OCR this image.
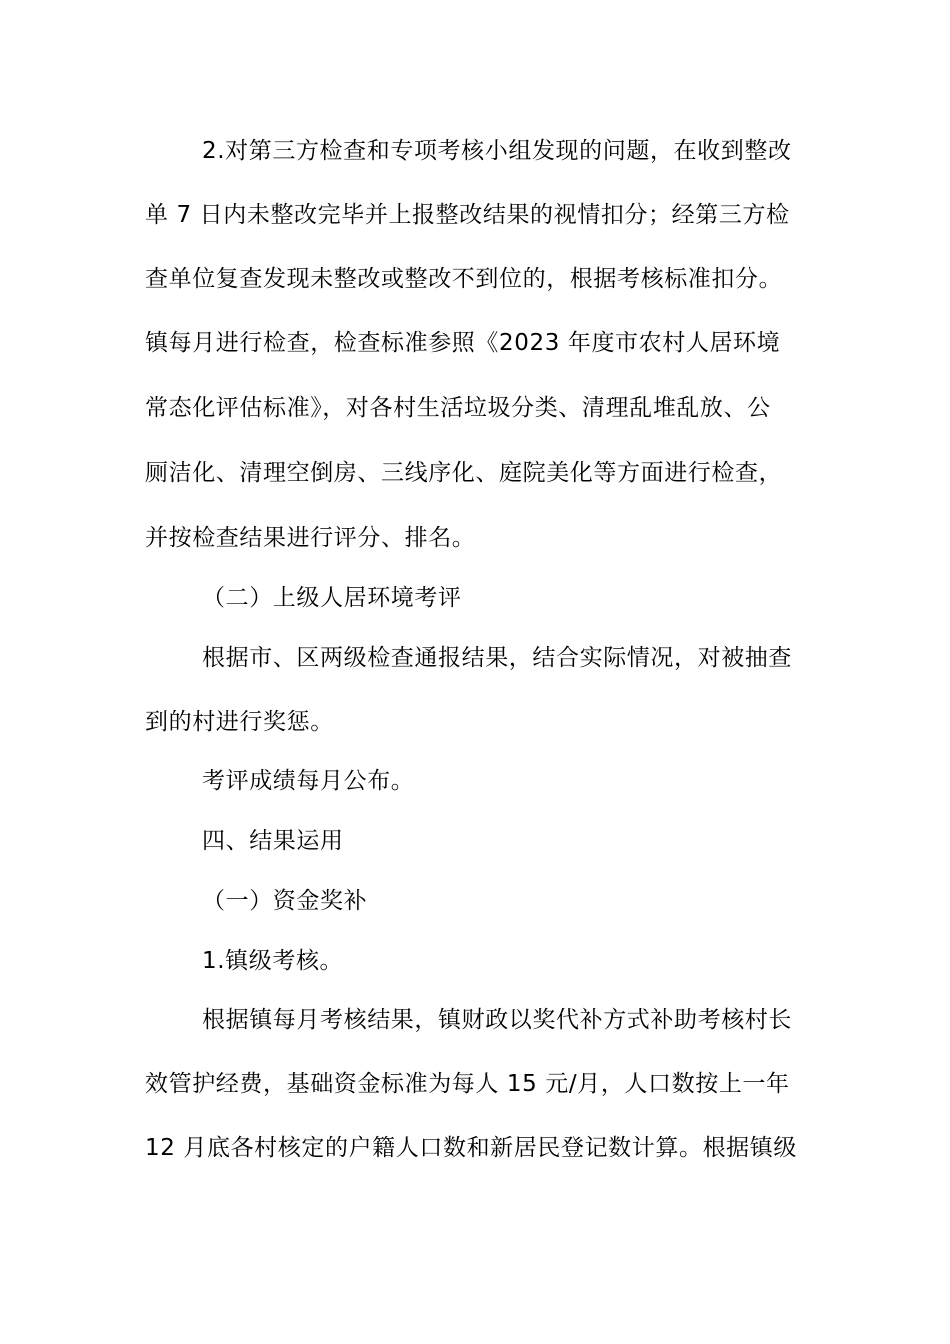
2.对第三方检查和专项考核小组发现的问题，在收到整改
单 7 日内未整改完毕并上报整改结果的视情扣分；经第三方检
查单位复查发现未整改或整改不到位的，根据考核标准扣分。
镇每月进行检查，检查标准参照《2023 年度市农村人居环境
常态化评估标准》，对各村生活垃圾分类、清理乱堆乱放、公
厕洁化、清理空倒房、三线序化、庭院美化等方面进行检查，
并按检查结果进行评分、排名。
（二）上级人居环境考评
根据市、区两级检查通报结果，结合实际情况，对被抽查
到的村进行奖惩。
考评成绩每月公布。
四、结果运用
（一）资金奖补
1.镇级考核。
根据镇每月考核结果，镇财政以奖代补方式补助考核村长
效管护经费，基础资金标准为每人 15 元/月，人口数按上一年
12 月底各村核定的户籍人口数和新居民登记数计算。根据镇级
